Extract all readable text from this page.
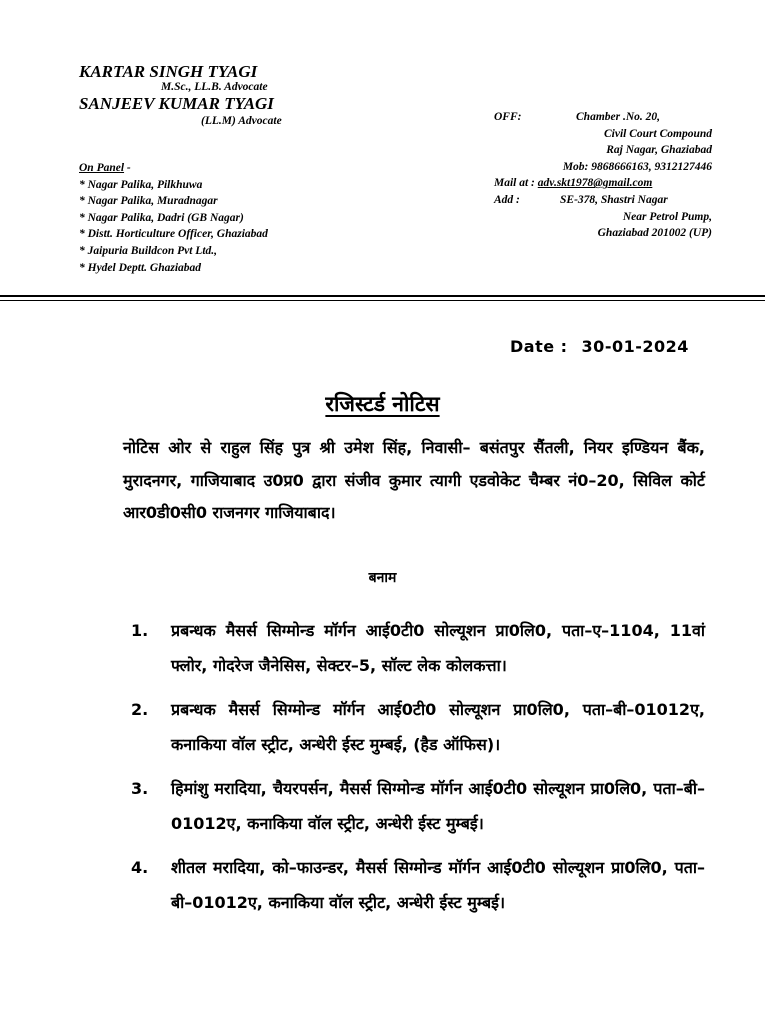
KARTAR SINGH TYAGI
M.Sc., LL.B. Advocate
SANJEEV KUMAR TYAGI
(LL.M) Advocate
On Panel -
* Nagar Palika, Pilkhuwa
* Nagar Palika, Muradnagar
* Nagar Palika, Dadri (GB Nagar)
* Distt. Horticulture Officer, Ghaziabad
* Jaipuria Buildcon Pvt Ltd.,
* Hydel Deptt. Ghaziabad
OFF:	Chamber .No. 20,
Civil Court Compound
Raj Nagar, Ghaziabad
Mob: 9868666163, 9312127446
Mail at : adv.skt1978@gmail.com
Add :	SE-378, Shastri Nagar
Near Petrol Pump,
Ghaziabad 201002 (UP)
Date : 30-01-2024
रजिस्टर्ड नोटिस
नोटिस ओर से राहुल सिंह पुत्र श्री उमेश सिंह, निवासी– बसंतपुर सैंतली, नियर इण्डियन बैंक, मुरादनगर, गाजियाबाद उ0प्र0 द्वारा संजीव कुमार त्यागी एडवोकेट चैम्बर नं0–20, सिविल कोर्ट आर0डी0सी0 राजनगर गाजियाबाद।
बनाम
1. प्रबन्धक मैसर्स सिग्मोन्ड मॉर्गन आई0टी0 सोल्यूशन प्रा0लि0, पता–ए–1104, 11वां फ्लोर, गोदरेज जैनेसिस, सेक्टर–5, सॉल्ट लेक कोलकत्ता।
2. प्रबन्धक मैसर्स सिग्मोन्ड मॉर्गन आई0टी0 सोल्यूशन प्रा0लि0, पता–बी–01012ए, कनाकिया वॉल स्ट्रीट, अन्धेरी ईस्ट मुम्बई, (हैड ऑफिस)।
3. हिमांशु मरादिया, चैयरपर्सन, मैसर्स सिग्मोन्ड मॉर्गन आई0टी0 सोल्यूशन प्रा0लि0, पता–बी–01012ए, कनाकिया वॉल स्ट्रीट, अन्धेरी ईस्ट मुम्बई।
4. शीतल मरादिया, को–फाउन्डर, मैसर्स सिग्मोन्ड मॉर्गन आई0टी0 सोल्यूशन प्रा0लि0, पता–बी–01012ए, कनाकिया वॉल स्ट्रीट, अन्धेरी ईस्ट मुम्बई।
